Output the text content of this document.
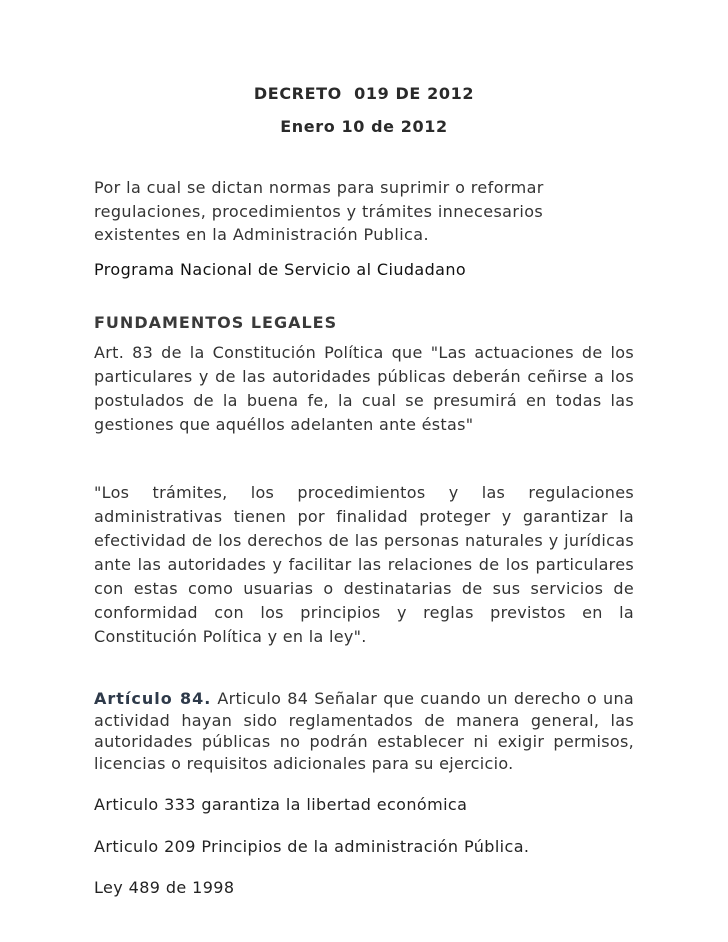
DECRETO  019 DE 2012
Enero 10 de 2012
Por la cual se dictan normas para suprimir o reformar
regulaciones, procedimientos y trámites innecesarios
existentes en la Administración Publica.
Programa Nacional de Servicio al Ciudadano
FUNDAMENTOS LEGALES
Art. 83 de la Constitución Política que "Las actuaciones de los particulares y de las autoridades públicas deberán ceñirse a los postulados de la buena fe, la cual se presumirá en todas las gestiones que aquéllos adelanten ante éstas"
"Los trámites, los procedimientos y las regulaciones administrativas tienen por finalidad proteger y garantizar la efectividad de los derechos de las personas naturales y jurídicas ante las autoridades y facilitar las relaciones de los particulares con estas como usuarias o destinatarias de sus servicios de conformidad con los principios y reglas previstos en la Constitución Política y en la ley".
Artículo 84. Articulo 84 Señalar que cuando un derecho o una actividad hayan sido reglamentados de manera general, las autoridades públicas no podrán establecer ni exigir permisos, licencias o requisitos adicionales para su ejercicio.
Articulo 333 garantiza la libertad económica
Articulo 209 Principios de la administración Pública.
Ley 489 de 1998
